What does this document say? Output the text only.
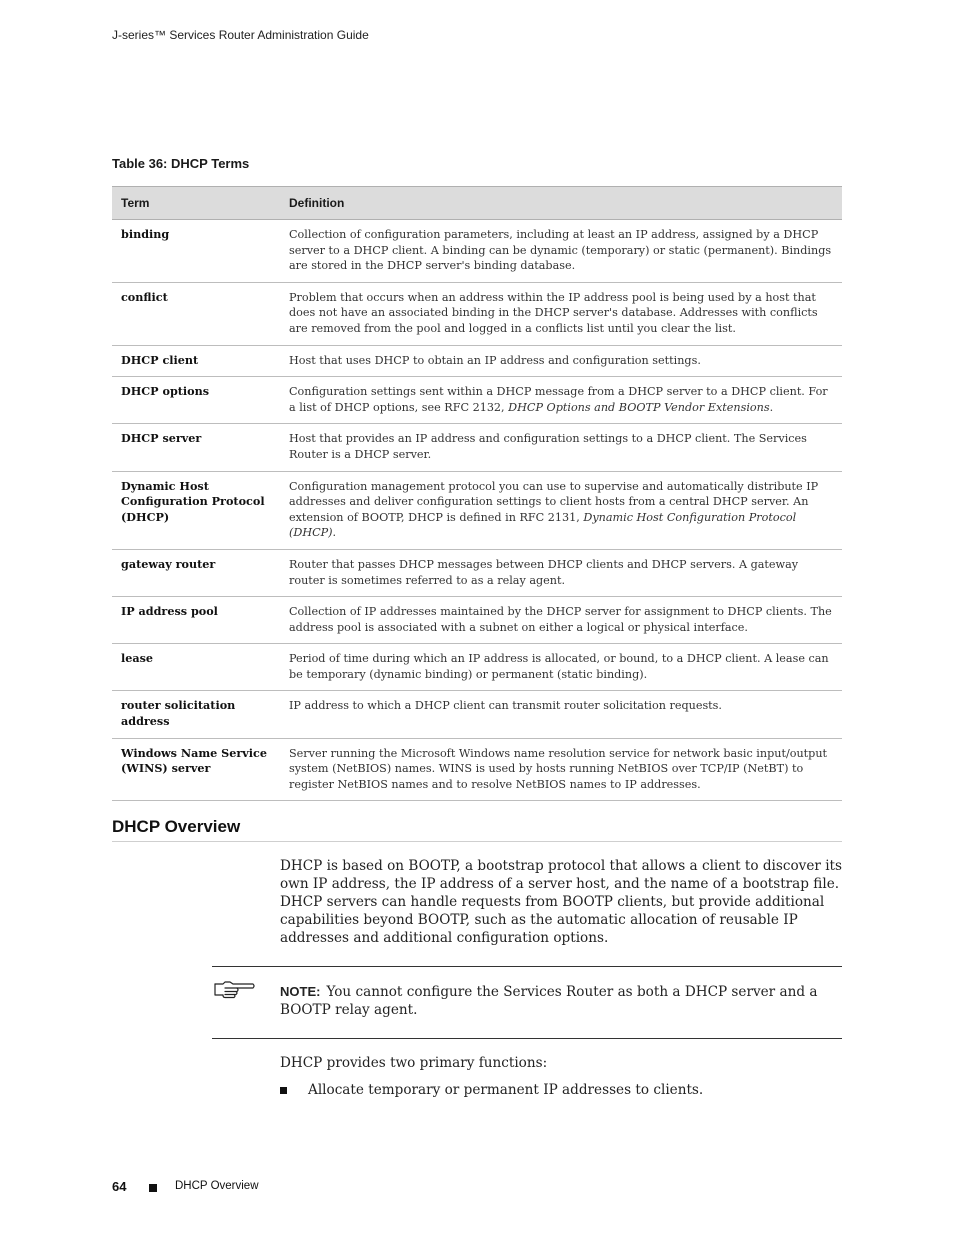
J-series™ Services Router Administration Guide
Table 36: DHCP Terms
Term	Definition
binding	Collection of configuration parameters, including at least an IP address, assigned by a DHCP server to a DHCP client. A binding can be dynamic (temporary) or static (permanent). Bindings are stored in the DHCP server's binding database.
conflict	Problem that occurs when an address within the IP address pool is being used by a host that does not have an associated binding in the DHCP server's database. Addresses with conflicts are removed from the pool and logged in a conflicts list until you clear the list.
DHCP client	Host that uses DHCP to obtain an IP address and configuration settings.
DHCP options	Configuration settings sent within a DHCP message from a DHCP server to a DHCP client. For a list of DHCP options, see RFC 2132, DHCP Options and BOOTP Vendor Extensions.
DHCP server	Host that provides an IP address and configuration settings to a DHCP client. The Services Router is a DHCP server.
Dynamic Host Configuration Protocol (DHCP)	Configuration management protocol you can use to supervise and automatically distribute IP addresses and deliver configuration settings to client hosts from a central DHCP server. An extension of BOOTP, DHCP is defined in RFC 2131, Dynamic Host Configuration Protocol (DHCP).
gateway router	Router that passes DHCP messages between DHCP clients and DHCP servers. A gateway router is sometimes referred to as a relay agent.
IP address pool	Collection of IP addresses maintained by the DHCP server for assignment to DHCP clients. The address pool is associated with a subnet on either a logical or physical interface.
lease	Period of time during which an IP address is allocated, or bound, to a DHCP client. A lease can be temporary (dynamic binding) or permanent (static binding).
router solicitation address	IP address to which a DHCP client can transmit router solicitation requests.
Windows Name Service (WINS) server	Server running the Microsoft Windows name resolution service for network basic input/output system (NetBIOS) names. WINS is used by hosts running NetBIOS over TCP/IP (NetBT) to register NetBIOS names and to resolve NetBIOS names to IP addresses.
DHCP Overview
DHCP is based on BOOTP, a bootstrap protocol that allows a client to discover its own IP address, the IP address of a server host, and the name of a bootstrap file. DHCP servers can handle requests from BOOTP clients, but provide additional capabilities beyond BOOTP, such as the automatic allocation of reusable IP addresses and additional configuration options.
NOTE: You cannot configure the Services Router as both a DHCP server and a BOOTP relay agent.
DHCP provides two primary functions:
Allocate temporary or permanent IP addresses to clients.
64	DHCP Overview
